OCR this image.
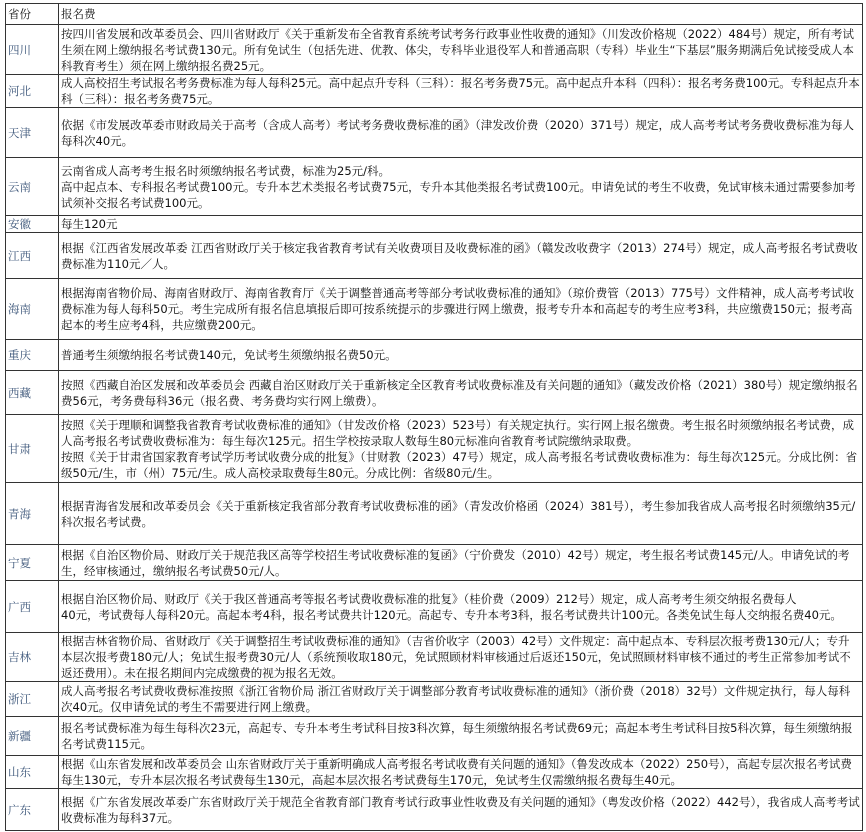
省份	报名费
四川	按四川省发展和改革委员会、四川省财政厅《关于重新发布全省教育系统考试考务行政事业性收费的通知》（川发改价格规（2022）484号）规定，所有考试生须在网上缴纳报名考试费130元。所有免试生（包括先进、优教、体尖，专科毕业退役军人和普通高职（专科）毕业生“下基层”服务期满后免试接受成人本科教育考生）须在网上缴纳报名费25元。
河北	成人高校招生考试报名考务费标准为每人每科25元。高中起点升专科（三科）：报名考务费75元。高中起点升本科（四科）：报名考务费100元。专科起点升本科（三科）：报名考务费75元。
天津	依据《市发展改革委市财政局关于高考（含成人高考）考试考务费收费标准的函》（津发改价费（2020）371号）规定，成人高考考试考务费收费标准为每人每科次40元。
云南	云南省成人高考考生报名时须缴纳报名考试费，标准为25元/科。
高中起点本、专科报名考试费100元。专升本艺术类报名考试费75元，专升本其他类报名考试费100元。申请免试的考生不收费，免试审核未通过需要参加考试须补交报名考试费100元。
安徽	每生120元
江西	根据《江西省发展改革委 江西省财政厅关于核定我省教育考试有关收费项目及收费标准的函》（赣发改收费字（2013）274号）规定，成人高考报名考试费收费标准为110元／人。
海南	根据海南省物价局、海南省财政厅、海南省教育厅《关于调整普通高考等部分考试收费标准的通知》（琼价费管（2013）775号）文件精神，成人高考考试收费标准为每人每科50元。考生完成所有报名信息填报后即可按系统提示的步骤进行网上缴费，报考专升本和高起专的考生应考3科，共应缴费150元；报考高起本的考生应考4科，共应缴费200元。
重庆	普通考生须缴纳报名考试费140元，免试考生须缴纳报名费50元。
西藏	按照《西藏自治区发展和改革委员会 西藏自治区财政厅关于重新核定全区教育考试收费标准及有关问题的通知》（藏发改价格（2021）380号）规定缴纳报名费56元，考务费每科36元（报名费、考务费均实行网上缴费）。
甘肃	按照《关于理顺和调整我省教育考试收费标准的通知》（甘发改价格（2023）523号）有关规定执行。实行网上报名缴费。考生报名时须缴纳报名考试费，成人高考报名考试费收费标准为：每生每次125元。招生学校按录取人数每生80元标准向省教育考试院缴纳录取费。
按照《关于甘肃省国家教育考试学历考试收费分成的批复》（甘财教（2023）47号）规定，成人高考报名考试费收费标准为：每生每次125元。分成比例：省级50元/生，市（州）75元/生。成人高校录取费每生80元。分成比例：省级80元/生。
青海	根据青海省发展和改革委员会《关于重新核定我省部分教育考试收费标准的函》（青发改价格函（2024）381号），考生参加我省成人高考报名时须缴纳35元/科次报名考试费。
宁夏	根据《自治区物价局、财政厅关于规范我区高等学校招生考试收费标准的复函》（宁价费发（2010）42号）规定，考生报名考试费145元/人。申请免试的考生，经审核通过，缴纳报名考试费50元/人。
广西	根据自治区物价局、财政厅《关于我区普通高考等报名考试费收费标准的批复》（桂价费（2009）212号）规定，成人高考考生须交纳报名费每人
40元，考试费每人每科20元。高起本考4科，报名考试费共计120元。高起专、专升本考3科，报名考试费共计100元。各类免试生每人交纳报名费40元。
吉林	根据吉林省物价局、省财政厅《关于调整招生考试收费标准的通知》（吉省价收字（2003）42号）文件规定：高中起点本、专科层次报考费130元/人；专升本层次报考费180元/人；免试生报考费30元/人（系统预收取180元，免试照顾材料审核通过后返还150元，免试照顾材料审核不通过的考生正常参加考试不返还费用）。未在报名期间内完成缴费的视为报名无效。
浙江	成人高考报名考试费收费标准按照《浙江省物价局 浙江省财政厅关于调整部分教育考试收费标准的通知》（浙价费（2018）32号）文件规定执行，每人每科次40元。仅申请免试的考生不需要进行网上缴费。
新疆	报名考试费标准为每生每科次23元，高起专、专升本考生考试科目按3科次算，每生须缴纳报名考试费69元；高起本考生考试科目按5科次算，每生须缴纳报名考试费115元。
山东	根据《山东省发展和改革委员会 山东省财政厅关于重新明确成人高考报名考试收费有关问题的通知》（鲁发改成本（2022）250号），高起专层次报名考试费每生130元，专升本层次报名考试费每生130元，高起本层次报名考试费每生170元，免试考生仅需缴纳报名费每生40元。
广东	根据《广东省发展改革委广东省财政厅关于规范全省教育部门教育考试行政事业性收费及有关问题的通知》（粤发改价格（2022）442号），我省成人高考考试收费标准为每科37元。
